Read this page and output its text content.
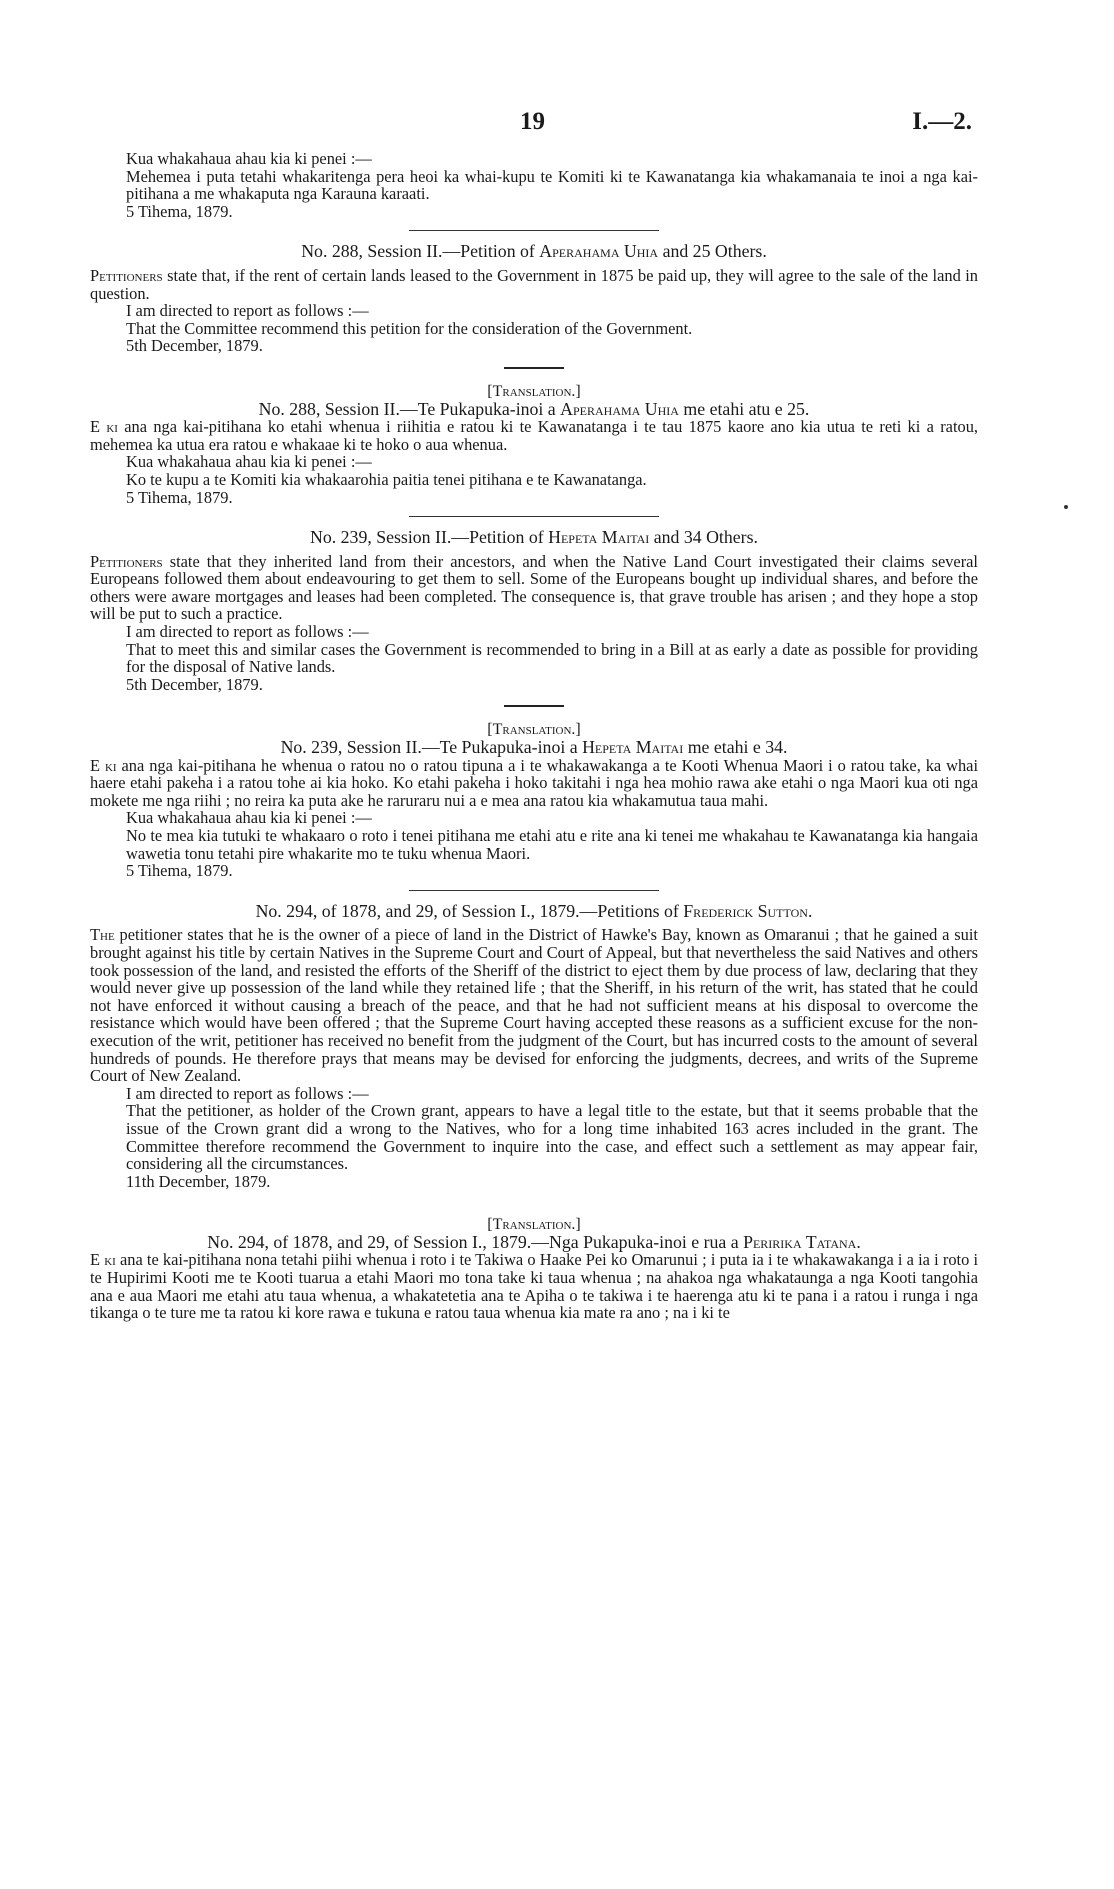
19	I.—2.

Kua whakahaua ahau kia ki penei :—

Mehemea i puta tetahi whakaritenga pera heoi ka whai-kupu te Komiti ki te Kawanatanga kia whakamanaia te inoi a nga kai-pitihana a me whakaputa nga Karauna karaati.

5 Tihema, 1879.

No. 288, Session II.—Petition of Aperahama Uhia and 25 Others.

Petitioners state that, if the rent of certain lands leased to the Government in 1875 be paid up, they will agree to the sale of the land in question.

I am directed to report as follows :—

That the Committee recommend this petition for the consideration of the Government.

5th December, 1879.

[Translation.]

No. 288, Session II.—Te Pukapuka-inoi a Aperahama Uhia me etahi atu e 25.

E ki ana nga kai-pitihana ko etahi whenua i riihitia e ratou ki te Kawanatanga i te tau 1875 kaore ano kia utua te reti ki a ratou, mehemea ka utua era ratou e whakaae ki te hoko o aua whenua.

Kua whakahaua ahau kia ki penei :—

Ko te kupu a te Komiti kia whakaarohia paitia tenei pitihana e te Kawanatanga.

5 Tihema, 1879.

No. 239, Session II.—Petition of Hepeta Maitai and 34 Others.

Petitioners state that they inherited land from their ancestors, and when the Native Land Court investigated their claims several Europeans followed them about endeavouring to get them to sell. Some of the Europeans bought up individual shares, and before the others were aware mortgages and leases had been completed. The consequence is, that grave trouble has arisen ; and they hope a stop will be put to such a practice.

I am directed to report as follows :—

That to meet this and similar cases the Government is recommended to bring in a Bill at as early a date as possible for providing for the disposal of Native lands.

5th December, 1879.

[Translation.]

No. 239, Session II.—Te Pukapuka-inoi a Hepeta Maitai me etahi e 34.

E ki ana nga kai-pitihana he whenua o ratou no o ratou tipuna a i te whakawakanga a te Kooti Whenua Maori i o ratou take, ka whai haere etahi pakeha i a ratou tohe ai kia hoko. Ko etahi pakeha i hoko takitahi i nga hea mohio rawa ake etahi o nga Maori kua oti nga mokete me nga riihi ; no reira ka puta ake he raruraru nui a e mea ana ratou kia whakamutua taua mahi.

Kua whakahaua ahau kia ki penei :—

No te mea kia tutuki te whakaaro o roto i tenei pitihana me etahi atu e rite ana ki tenei me whakahau te Kawanatanga kia hangaia wawetia tonu tetahi pire whakarite mo te tuku whenua Maori.

5 Tihema, 1879.

No. 294, of 1878, and 29, of Session I., 1879.—Petitions of Frederick Sutton.

The petitioner states that he is the owner of a piece of land in the District of Hawke's Bay, known as Omaranui ; that he gained a suit brought against his title by certain Natives in the Supreme Court and Court of Appeal, but that nevertheless the said Natives and others took possession of the land, and resisted the efforts of the Sheriff of the district to eject them by due process of law, declaring that they would never give up possession of the land while they retained life ; that the Sheriff, in his return of the writ, has stated that he could not have enforced it without causing a breach of the peace, and that he had not sufficient means at his disposal to overcome the resistance which would have been offered ; that the Supreme Court having accepted these reasons as a sufficient excuse for the non-execution of the writ, petitioner has received no benefit from the judgment of the Court, but has incurred costs to the amount of several hundreds of pounds. He therefore prays that means may be devised for enforcing the judgments, decrees, and writs of the Supreme Court of New Zealand.

I am directed to report as follows :—

That the petitioner, as holder of the Crown grant, appears to have a legal title to the estate, but that it seems probable that the issue of the Crown grant did a wrong to the Natives, who for a long time inhabited 163 acres included in the grant. The Committee therefore recommend the Government to inquire into the case, and effect such a settlement as may appear fair, considering all the circumstances.

11th December, 1879.

[Translation.]

No. 294, of 1878, and 29, of Session I., 1879.—Nga Pukapuka-inoi e rua a Peririka Tatana.

E ki ana te kai-pitihana nona tetahi piihi whenua i roto i te Takiwa o Haake Pei ko Omarunui ; i puta ia i te whakawakanga i a ia i roto i te Hupirimi Kooti me te Kooti tuarua a etahi Maori mo tona take ki taua whenua ; na ahakoa nga whakataunga a nga Kooti tangohia ana e aua Maori me etahi atu taua whenua, a whakatetetia ana te Apiha o te takiwa i te haerenga atu ki te pana i a ratou i runga i nga tikanga o te ture me ta ratou ki kore rawa e tukuna e ratou taua whenua kia mate ra ano ; na i ki te
